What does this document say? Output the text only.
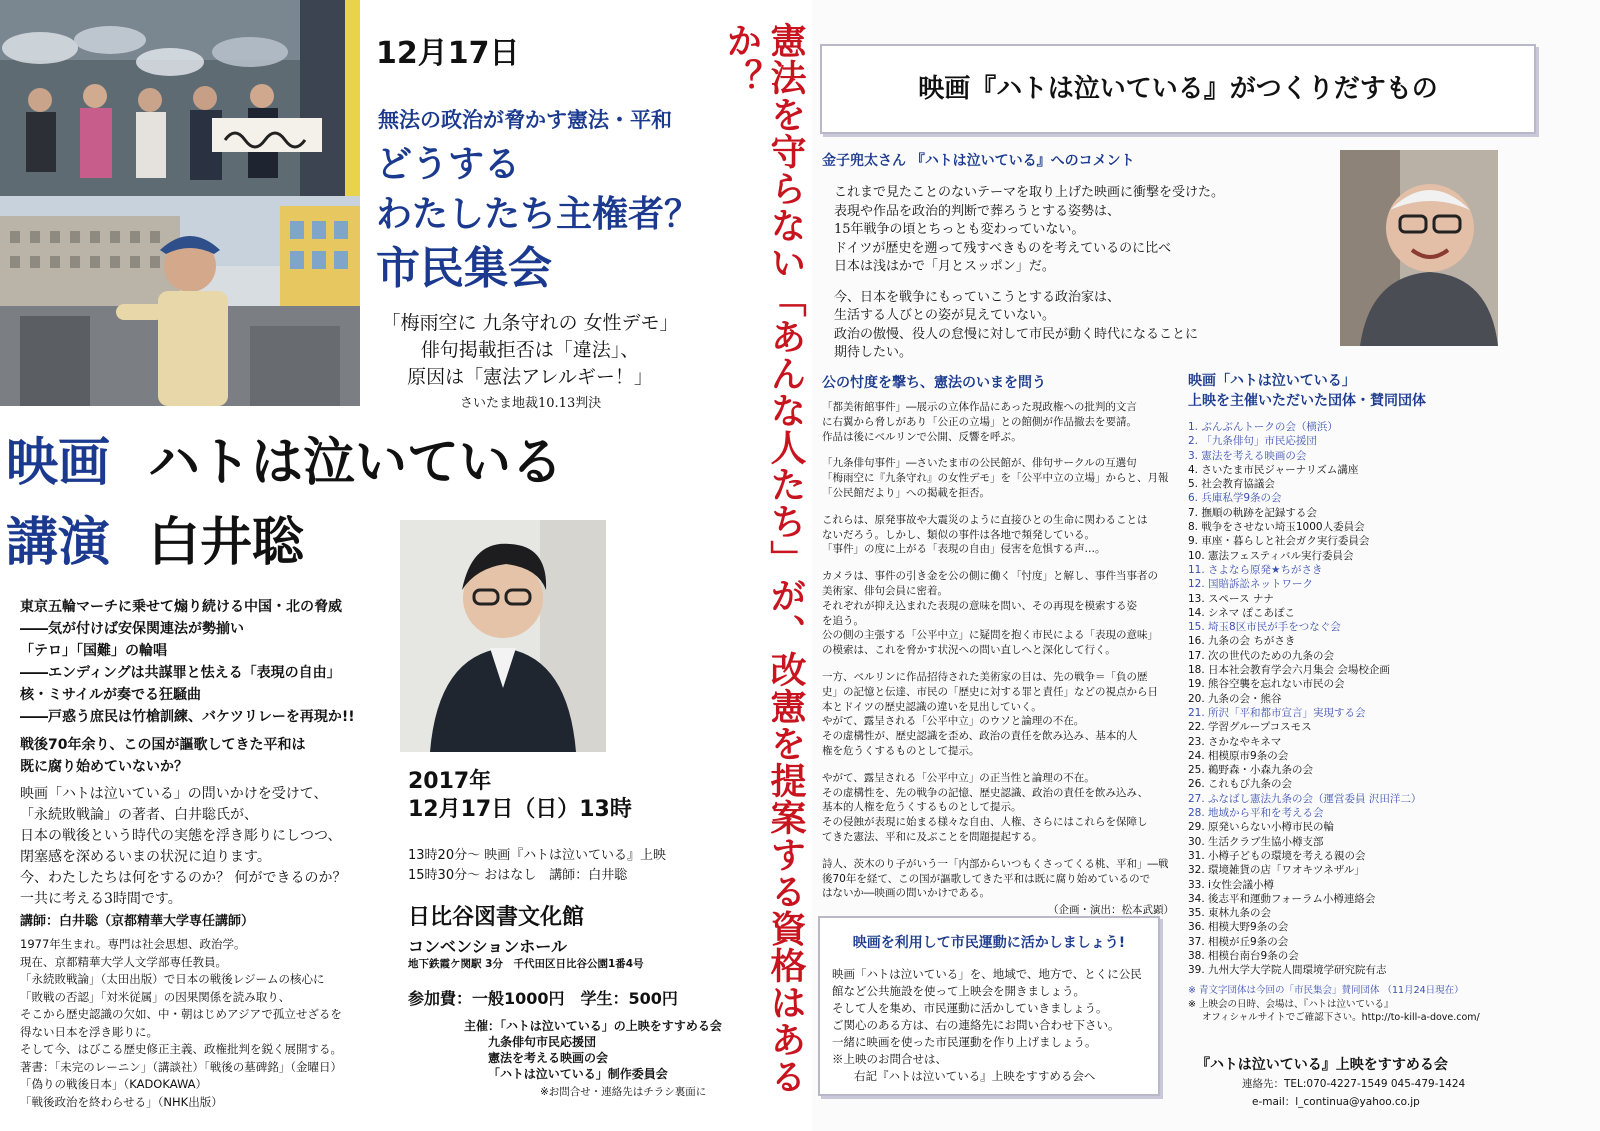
12月17日
無法の政治が脅かす憲法・平和
どうする
わたしたち主権者？
市民集会
「梅雨空に 九条守れの 女性デモ」
俳句掲載拒否は「違法」、
原因は「憲法アレルギー！」
さいたま地裁10.13判決
映画 ハトは泣いている
講演 白井聡
東京五輪マーチに乗せて煽り続ける中国・北の脅威
――気が付けば安保関連法が勢揃い
「テロ」「国難」の輪唱
――エンディングは共謀罪と怯える「表現の自由」
核・ミサイルが奏でる狂騒曲
――戸惑う庶民は竹槍訓練、バケツリレーを再現か!!
戦後70年余り、この国が謳歌してきた平和は
既に腐り始めていないか？
映画「ハトは泣いている」の問いかけを受けて、
「永続敗戦論」の著者、白井聡氏が、
日本の戦後という時代の実態を浮き彫りにしつつ、
閉塞感を深めるいまの状況に迫ります。
今、わたしたちは何をするのか？ 何ができるのか？
一共に考える3時間です。
講師：白井聡（京都精華大学専任講師）
1977年生まれ。専門は社会思想、政治学。
現在、京都精華大学人文学部専任教員。
「永続敗戦論」（太田出版）で日本の戦後レジームの核心に
「敗戦の否認」「対米従属」の因果関係を読み取り、
そこから歴史認識の欠如、中・朝はじめアジアで孤立せざるを
得ない日本を浮き彫りに。
そして今、はびこる歴史修正主義、政権批判を鋭く展開する。
著書：「未完のレーニン」（講談社）「戦後の墓碑銘」（金曜日）
「偽りの戦後日本」（KADOKAWA）
「戦後政治を終わらせる」（NHK出版）
2017年
12月17日（日）13時
13時20分～ 映画『ハトは泣いている』上映
15時30分～ おはなし　講師：白井聡
日比谷図書文化館
コンベンションホール
地下鉄霞ケ関駅 3分　千代田区日比谷公園1番4号
参加費：一般1000円　学生：500円
主催：「ハトは泣いている」の上映をすすめる会
九条俳句市民応援団
憲法を考える映画の会
「ハトは泣いている」制作委員会
※お問合せ・連絡先はチラシ裏面に	憲法を守らない「あんな人たち」が、改憲を提案する資格はあるか？	映画『ハトは泣いている』がつくりだすもの
金子兜太さん 『ハトは泣いている』へのコメント
これまで見たことのないテーマを取り上げた映画に衝撃を受けた。
表現や作品を政治的判断で葬ろうとする姿勢は、
15年戦争の頃とちっとも変わっていない。
ドイツが歴史を遡って残すべきものを考えているのに比べ
日本は浅はかで「月とスッポン」だ。
今、日本を戦争にもっていこうとする政治家は、
生活する人びとの姿が見えていない。
政治の傲慢、役人の怠慢に対して市民が動く時代になることに
期待したい。
公の忖度を撃ち、憲法のいまを問う
「都美術館事件」―展示の立体作品にあった現政権への批判的文言
に右翼から脅しがあり「公正の立場」との館側が作品撤去を要請。
作品は後にベルリンで公開、反響を呼ぶ。
「九条俳句事件」―さいたま市の公民館が、俳句サークルの互選句
「梅雨空に『九条守れ』の女性デモ」を「公平中立の立場」からと、月報
「公民館だより」への掲載を拒否。
これらは、原発事故や大震災のように直接ひとの生命に関わることは
ないだろう。しかし、類似の事件は各地で頻発している。
「事件」の度に上がる「表現の自由」侵害を危惧する声…。
カメラは、事件の引き金を公の側に働く「忖度」と解し、事件当事者の
美術家、俳句会員に密着。
それぞれが抑え込まれた表現の意味を問い、その再現を模索する姿
を追う。
公の側の主張する「公平中立」に疑問を抱く市民による「表現の意味」
の模索は、これを脅かす状況への問い直しへと深化して行く。
一方、ベルリンに作品招待された美術家の目は、先の戦争＝「負の歴
史」の記憶と伝達、市民の「歴史に対する罪と責任」などの視点から日
本とドイツの歴史認識の違いを見出していく。
やがて、露呈される「公平中立」のウソと論理の不在。
その虚構性が、歴史認識を歪め、政治の責任を飲み込み、基本的人
権を危うくするものとして提示。
やがて、露呈される「公平中立」の正当性と論理の不在。
その虚構性を、先の戦争の記憶、歴史認識、政治の責任を飲み込み、
基本的人権を危うくするものとして提示。
その侵蝕が表現に始まる様々な自由、人権、さらにはこれらを保障し
てきた憲法、平和に及ぶことを問題提起する。
詩人、茨木のり子がいう一「内部からいつもくさってくる桃、平和」―戦
後70年を経て、この国が謳歌してきた平和は既に腐り始めているので
はないか―映画の問いかけである。
（企画・演出：松本武顕）
映画「ハトは泣いている」
上映を主催いただいた団体・賛同団体
1. ぶんぶんトークの会（横浜）
2. 「九条俳句」市民応援団
3. 憲法を考える映画の会
4. さいたま市民ジャーナリズム講座
5. 社会教育協議会
6. 兵庫私学9条の会
7. 撫順の軌跡を記録する会
8. 戦争をさせない埼玉1000人委員会
9. 車座・暮らしと社会ガク実行委員会
10. 憲法フェスティバル実行委員会
11. さよなら原発★ちがさき
12. 国賠訴訟ネットワーク
13. スペース ナナ
14. シネマ ぽこあぽこ
15. 埼玉8区市民が手をつなぐ会
16. 九条の会 ちがさき
17. 次の世代のための九条の会
18. 日本社会教育学会六月集会 会場校企画
19. 熊谷空襲を忘れない市民の会
20. 九条の会・熊谷
21. 所沢「平和都市宣言」実現する会
22. 学習グループコスモス
23. さかなやキネマ
24. 相模原市9条の会
25. 鵜野森・小森九条の会
26. これもび九条の会
27. ふなばし憲法九条の会（運営委員 沢田洋二）
28. 地域から平和を考える会
29. 原発いらない小樽市民の輪
30. 生活クラブ生協小樽支部
31. 小樽子どもの環境を考える親の会
32. 環境雑貨の店「ワオキツネザル」
33. i女性会議小樽
34. 後志平和運動フォーラム小樽連絡会
35. 東林九条の会
36. 相模大野9条の会
37. 相模が丘9条の会
38. 相模台南台9条の会
39. 九州大学大学院人間環境学研究院有志
※ 青文字団体は今回の「市民集会」賛同団体 （11月24日現在）
※ 上映会の日時、会場は、『ハトは泣いている』
オフィシャルサイトでご確認下さい。http://to-kill-a-dove.com/
映画を利用して市民運動に活かしましょう!
映画「ハトは泣いている」を、地域で、地方で、とくに公民
館など公共施設を使って上映会を開きましょう。
そして人を集め、市民運動に活かしていきましょう。
ご関心のある方は、右の連絡先にお問い合わせ下さい。
一緒に映画を使った市民運動を作り上げましょう。
※上映のお問合せは、
右記『ハトは泣いている』上映をすすめる会へ
『ハトは泣いている』上映をすすめる会
連絡先：TEL:070-4227-1549 045-479-1424
e-mail：l_continua@yahoo.co.jp
